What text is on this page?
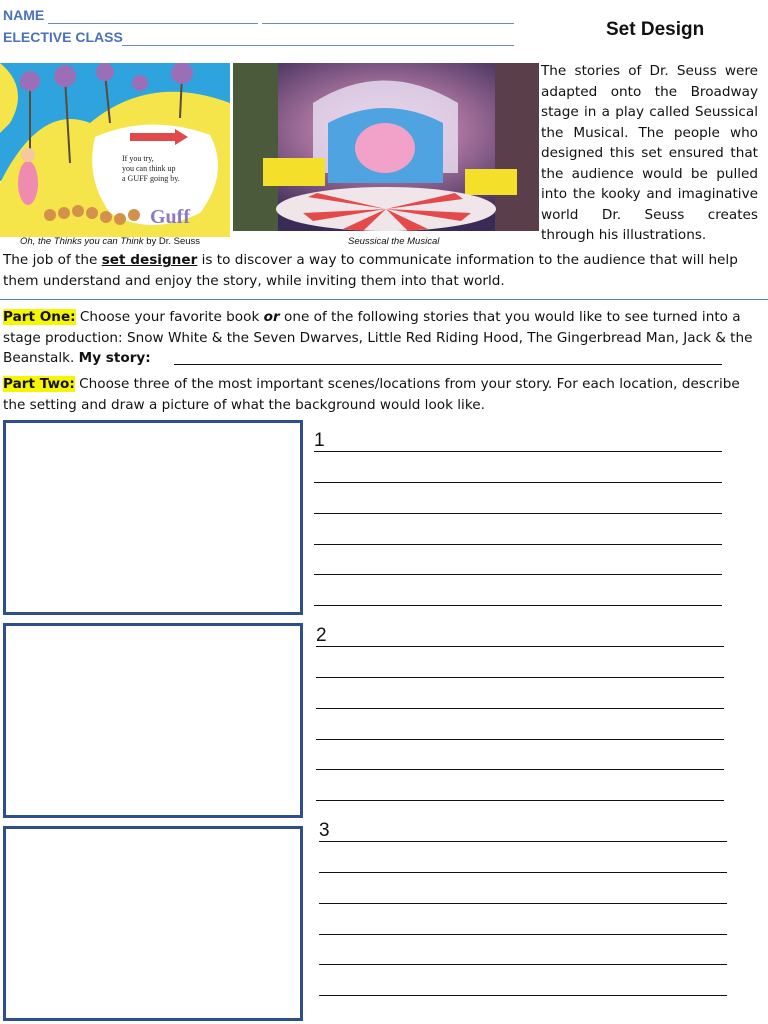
NAME
ELECTIVE CLASS	Set Design
If you try,
you can think up
a GUFF going by.
Guff
Oh, the Thinks you can Think by Dr. Seuss	Seussical the Musical
The stories of Dr. Seuss were adapted onto the Broadway stage in a play called Seussical the Musical. The people who designed this set ensured that the audience would be pulled into the kooky and imaginative world Dr. Seuss creates through his illustrations.
The job of the set designer is to discover a way to communicate information to the audience that will help them understand and enjoy the story, while inviting them into that world.
Part One: Choose your favorite book or one of the following stories that you would like to see turned into a stage production: Snow White & the Seven Dwarves, Little Red Riding Hood, The Gingerbread Man, Jack & the Beanstalk. My story:
Part Two: Choose three of the most important scenes/locations from your story. For each location, describe the setting and draw a picture of what the background would look like.
1
2
3
